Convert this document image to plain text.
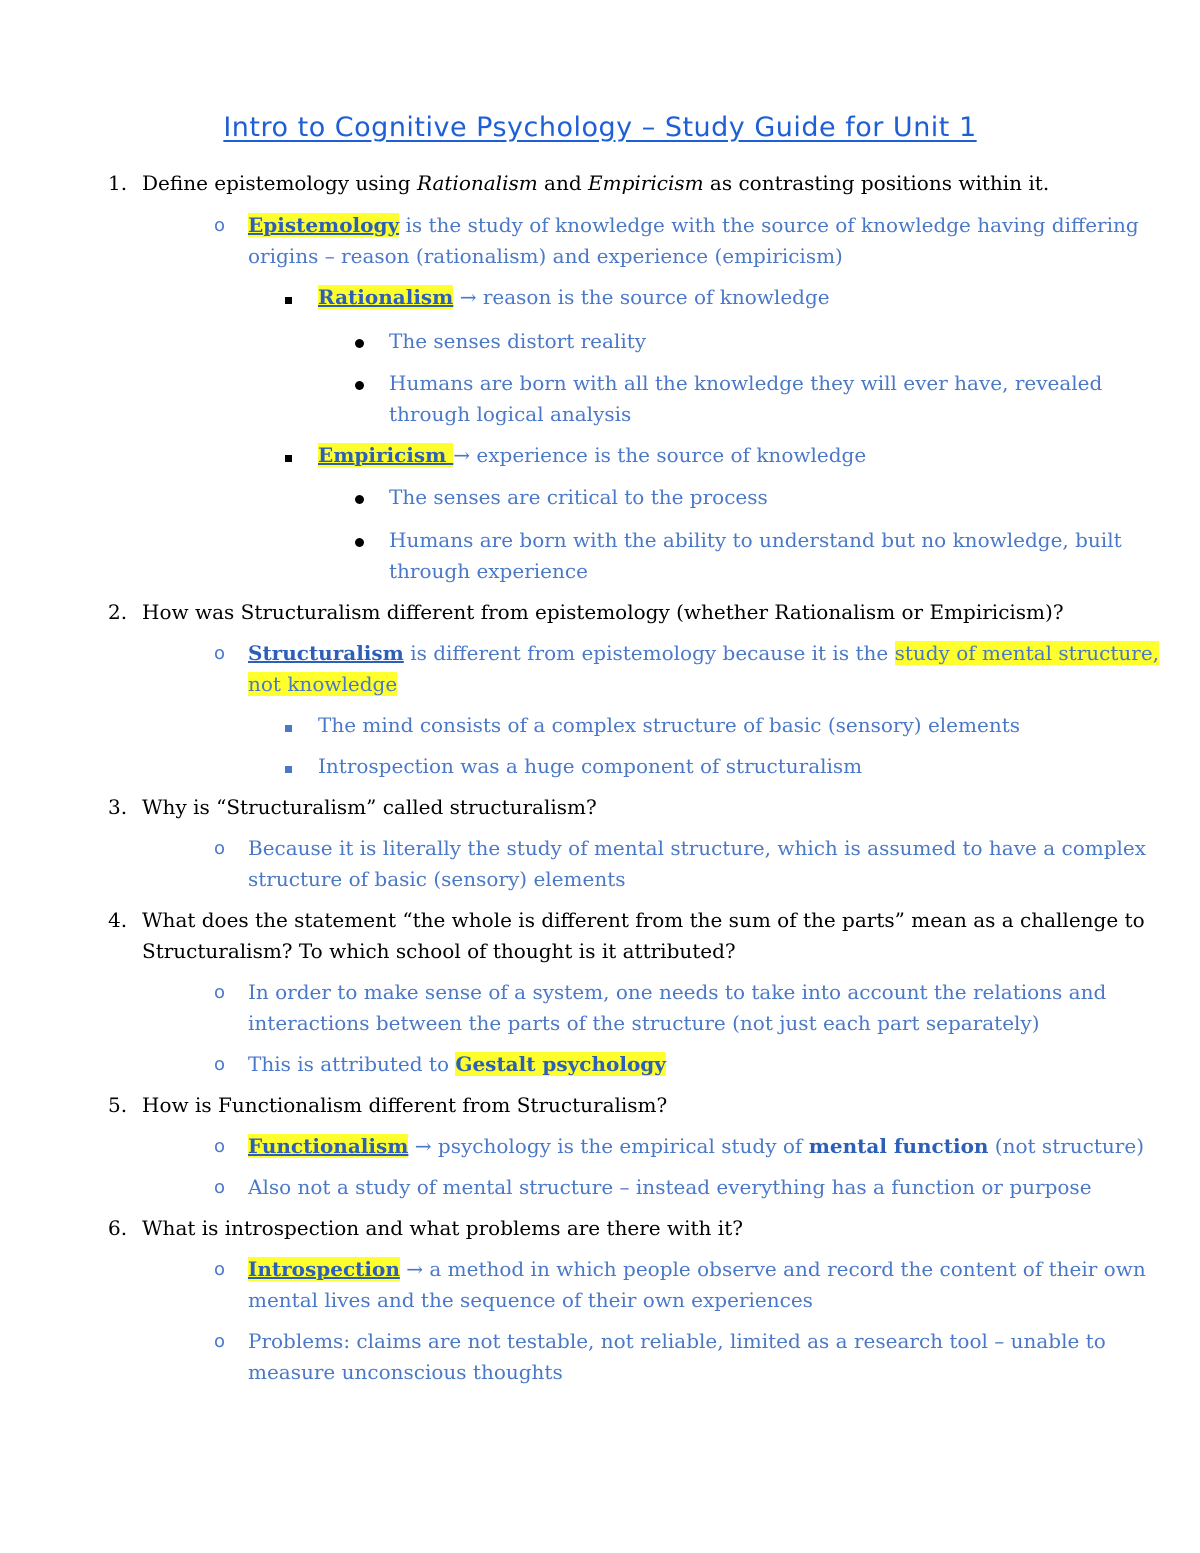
Intro to Cognitive Psychology – Study Guide for Unit 1
1. Define epistemology using Rationalism and Empiricism as contrasting positions within it.
o Epistemology is the study of knowledge with the source of knowledge having differing
origins – reason (rationalism) and experience (empiricism)
Rationalism → reason is the source of knowledge
The senses distort reality
Humans are born with all the knowledge they will ever have, revealed
through logical analysis
Empiricism → experience is the source of knowledge
The senses are critical to the process
Humans are born with the ability to understand but no knowledge, built
through experience
2. How was Structuralism different from epistemology (whether Rationalism or Empiricism)?
o Structuralism is different from epistemology because it is the study of mental structure,
not knowledge
The mind consists of a complex structure of basic (sensory) elements
Introspection was a huge component of structuralism
3. Why is “Structuralism” called structuralism?
o Because it is literally the study of mental structure, which is assumed to have a complex
structure of basic (sensory) elements
4. What does the statement “the whole is different from the sum of the parts” mean as a challenge to
Structuralism? To which school of thought is it attributed?
o In order to make sense of a system, one needs to take into account the relations and
interactions between the parts of the structure (not just each part separately)
o This is attributed to Gestalt psychology
5. How is Functionalism different from Structuralism?
o Functionalism → psychology is the empirical study of mental function (not structure)
o Also not a study of mental structure – instead everything has a function or purpose
6. What is introspection and what problems are there with it?
o Introspection → a method in which people observe and record the content of their own
mental lives and the sequence of their own experiences
o Problems: claims are not testable, not reliable, limited as a research tool – unable to
measure unconscious thoughts
